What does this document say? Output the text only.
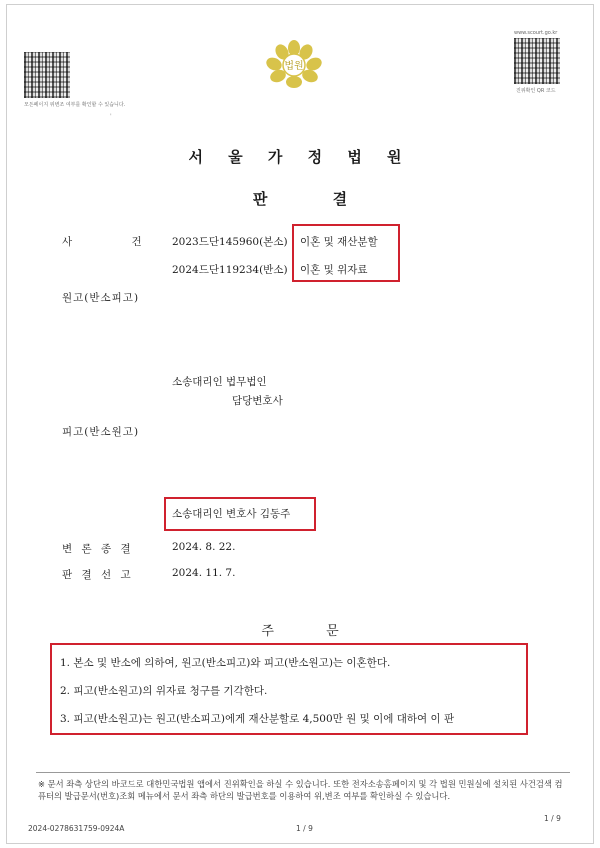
모든페이지 위변조 여부를 확인할 수 있습니다.
www.scourt.go.kr
진위확인 QR 코드
법원
'
서 울 가 정 법 원
판 결
사 건 2023드단145960(본소) 이혼 및 재산분할
2024드단119234(반소) 이혼 및 위자료
원고(반소피고)
소송대리인 법무법인
담당변호사
피고(반소원고)
소송대리인 변호사 김동주
변 론 종 결	2024. 8. 22.
판 결 선 고	2024. 11. 7.
주 문
1. 본소 및 반소에 의하여, 원고(반소피고)와 피고(반소원고)는 이혼한다.
2. 피고(반소원고)의 위자료 청구를 기각한다.
3. 피고(반소원고)는 원고(반소피고)에게 재산분할로 4,500만 원 및 이에 대하여 이 판
※ 문서 좌측 상단의 바코드로 대한민국법원 앱에서 진위확인을 하실 수 있습니다. 또한 전자소송홈페이지 및 각 법원 민원실에 설치된 사건검색 컴퓨터의 발급문서(번호)조회 메뉴에서 문서 좌측 하단의 발급번호를 이용하여 위,변조 여부를 확인하실 수 있습니다.
2024-0278631759-0924A	1 / 9
1 / 9
